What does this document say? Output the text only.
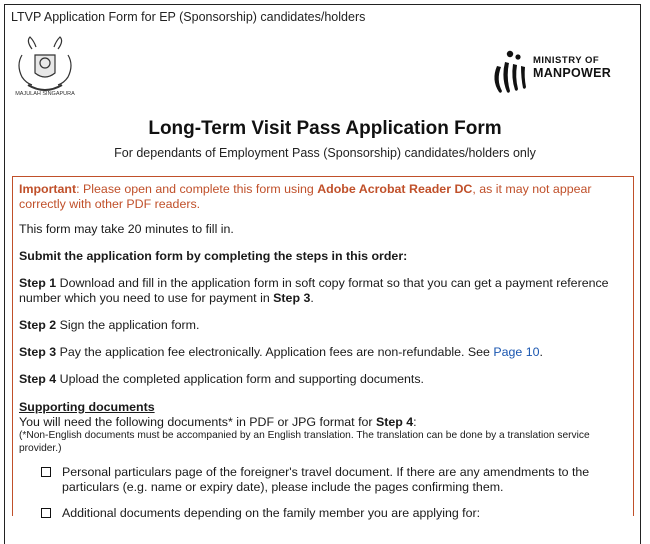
LTVP Application Form for EP (Sponsorship) candidates/holders
MAJULAH SINGAPURA
MINISTRY OF
MANPOWER
Long-Term Visit Pass Application Form
For dependants of Employment Pass (Sponsorship) candidates/holders only

Important: Please open and complete this form using Adobe Acrobat Reader DC, as it may not appear correctly with other PDF readers.

This form may take 20 minutes to fill in.

Submit the application form by completing the steps in this order:

Step 1 Download and fill in the application form in soft copy format so that you can get a payment reference number which you need to use for payment in Step 3.

Step 2 Sign the application form.

Step 3 Pay the application fee electronically. Application fees are non-refundable. See Page 10.

Step 4 Upload the completed application form and supporting documents.

Supporting documents

You will need the following documents* in PDF or JPG format for Step 4:

(*Non-English documents must be accompanied by an English translation. The translation can be done by a translation service provider.)

Personal particulars page of the foreigner's travel document. If there are any amendments to the particulars (e.g. name or expiry date), please include the pages confirming them.

Additional documents depending on the family member you are applying for:
